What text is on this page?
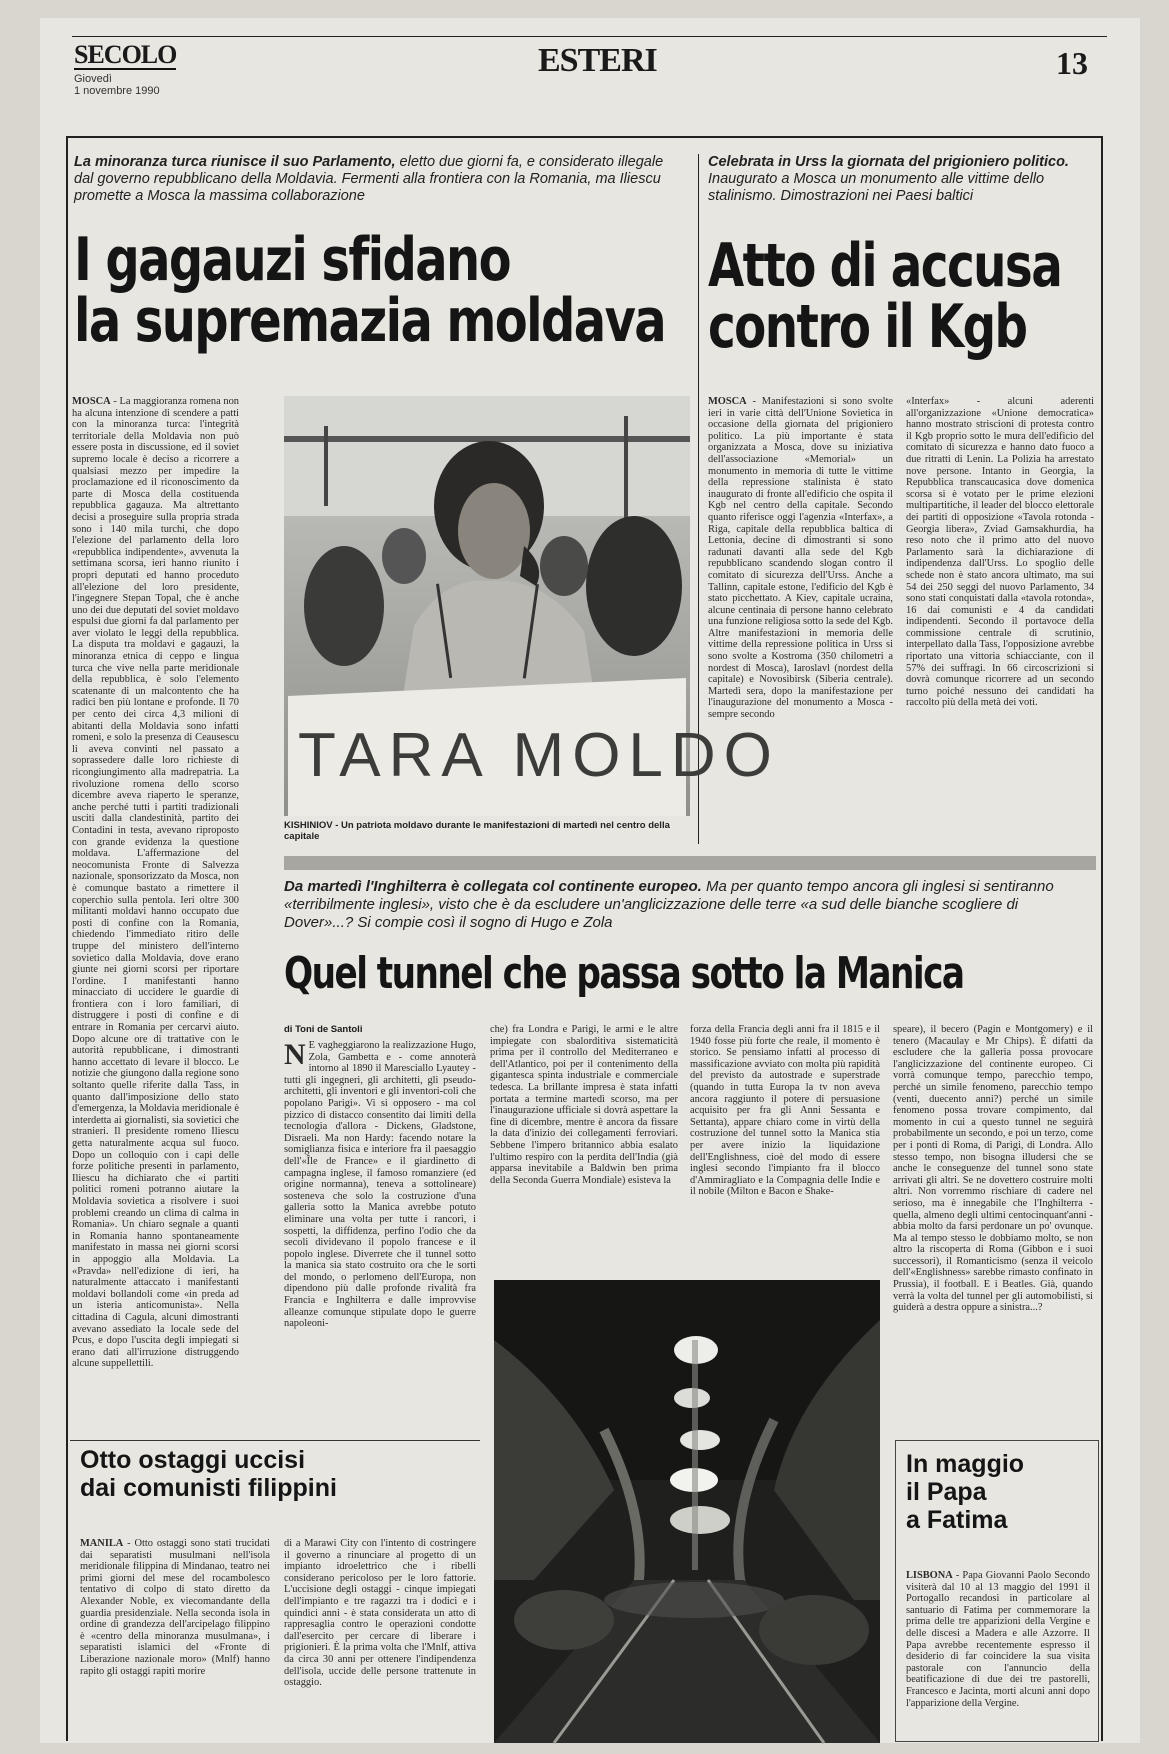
SECOLO
Giovedì
1 novembre 1990
ESTERI	13
La minoranza turca riunisce il suo Parlamento, eletto due giorni fa, e considerato illegale dal governo repubblicano della Moldavia. Fermenti alla frontiera con la Romania, ma Iliescu promette a Mosca la massima collaborazione
I gagauzi sfidano
la supremazia moldava
MOSCA - La maggioranza romena non ha alcuna intenzione di scendere a patti con la minoranza turca: l'integrità territoriale della Moldavia non può essere posta in discussione, ed il soviet supremo locale è deciso a ricorrere a qualsiasi mezzo per impedire la proclamazione ed il riconoscimento da parte di Mosca della costituenda repubblica gagauza. Ma altrettanto decisi a proseguire sulla propria strada sono i 140 mila turchi, che dopo l'elezione del parlamento della loro «repubblica indipendente», avvenuta la settimana scorsa, ieri hanno riunito i propri deputati ed hanno proceduto all'elezione del loro presidente, l'ingegnere Stepan Topal, che è anche uno dei due deputati del soviet moldavo espulsi due giorni fa dal parlamento per aver violato le leggi della repubblica. La disputa tra moldavi e gagauzi, la minoranza etnica di ceppo e lingua turca che vive nella parte meridionale della repubblica, è solo l'elemento scatenante di un malcontento che ha radici ben più lontane e profonde. Il 70 per cento dei circa 4,3 milioni di abitanti della Moldavia sono infatti romeni, e solo la presenza di Ceausescu li aveva convinti nel passato a soprassedere dalle loro richieste di ricongiungimento alla madrepatria. La rivoluzione romena dello scorso dicembre aveva riaperto le speranze, anche perché tutti i partiti tradizionali usciti dalla clandestinità, partito dei Contadini in testa, avevano riproposto con grande evidenza la questione moldava. L'affermazione del neocomunista Fronte di Salvezza nazionale, sponsorizzato da Mosca, non è comunque bastato a rimettere il coperchio sulla pentola. Ieri oltre 300 militanti moldavi hanno occupato due posti di confine con la Romania, chiedendo l'immediato ritiro delle truppe del ministero dell'interno sovietico dalla Moldavia, dove erano giunte nei giorni scorsi per riportare l'ordine. I manifestanti hanno minacciato di uccidere le guardie di frontiera con i loro familiari, di distruggere i posti di confine e di entrare in Romania per cercarvi aiuto. Dopo alcune ore di trattative con le autorità repubblicane, i dimostranti hanno accettato di levare il blocco. Le notizie che giungono dalla regione sono soltanto quelle riferite dalla Tass, in quanto dall'imposizione dello stato d'emergenza, la Moldavia meridionale è interdetta ai giornalisti, sia sovietici che stranieri. Il presidente romeno Iliescu getta naturalmente acqua sul fuoco. Dopo un colloquio con i capi delle forze politiche presenti in parlamento, Iliescu ha dichiarato che «i partiti politici romeni potranno aiutare la Moldavia sovietica a risolvere i suoi problemi creando un clima di calma in Romania». Un chiaro segnale a quanti in Romania hanno spontaneamente manifestato in massa nei giorni scorsi in appoggio alla Moldavia. La «Pravda» nell'edizione di ieri, ha naturalmente attaccato i manifestanti moldavi bollandoli come «in preda ad un isteria anticomunista». Nella cittadina di Cagula, alcuni dimostranti avevano assediato la locale sede del Pcus, e dopo l'uscita degli impiegati si erano dati all'irruzione distruggendo alcune suppellettili.
TARA MOLDO
KISHINIOV - Un patriota moldavo durante le manifestazioni di martedì nel centro della capitale
Celebrata in Urss la giornata del prigioniero politico. Inaugurato a Mosca un monumento alle vittime dello stalinismo. Dimostrazioni nei Paesi baltici
Atto di accusa
contro il Kgb
MOSCA - Manifestazioni si sono svolte ieri in varie città dell'Unione Sovietica in occasione della giornata del prigioniero politico. La più importante è stata organizzata a Mosca, dove su iniziativa dell'associazione «Memorial» un monumento in memoria di tutte le vittime della repressione stalinista è stato inaugurato di fronte all'edificio che ospita il Kgb nel centro della capitale. Secondo quanto riferisce oggi l'agenzia «Interfax», a Riga, capitale della repubblica baltica di Lettonia, decine di dimostranti si sono radunati davanti alla sede del Kgb repubblicano scandendo slogan contro il comitato di sicurezza dell'Urss. Anche a Tallinn, capitale estone, l'edificio del Kgb è stato picchettato. A Kiev, capitale ucraina, alcune centinaia di persone hanno celebrato una funzione religiosa sotto la sede del Kgb. Altre manifestazioni in memoria delle vittime della repressione politica in Urss si sono svolte a Kostroma (350 chilometri a nordest di Mosca), Iaroslavl (nordest della capitale) e Novosibirsk (Siberia centrale). Martedì sera, dopo la manifestazione per l'inaugurazione del monumento a Mosca - sempre secondo
«Interfax» - alcuni aderenti all'organizzazione «Unione democratica» hanno mostrato striscioni di protesta contro il Kgb proprio sotto le mura dell'edificio del comitato di sicurezza e hanno dato fuoco a due ritratti di Lenin. La Polizia ha arrestato nove persone. Intanto in Georgia, la Repubblica transcaucasica dove domenica scorsa si è votato per le prime elezioni multipartitiche, il leader del blocco elettorale dei partiti di opposizione «Tavola rotonda - Georgia libera», Zviad Gamsakhurdia, ha reso noto che il primo atto del nuovo Parlamento sarà la dichiarazione di indipendenza dall'Urss. Lo spoglio delle schede non è stato ancora ultimato, ma sui 54 dei 250 seggi del nuovo Parlamento, 34 sono stati conquistati dalla «tavola rotonda», 16 dai comunisti e 4 da candidati indipendenti. Secondo il portavoce della commissione centrale di scrutinio, interpellato dalla Tass, l'opposizione avrebbe riportato una vittoria schiacciante, con il 57% dei suffragi. In 66 circoscrizioni si dovrà comunque ricorrere ad un secondo turno poiché nessuno dei candidati ha raccolto più della metà dei voti.
Da martedì l'Inghilterra è collegata col continente europeo. Ma per quanto tempo ancora gli inglesi si sentiranno «terribilmente inglesi», visto che è da escludere un'anglicizzazione delle terre «a sud delle bianche scogliere di Dover»...? Si compie così il sogno di Hugo e Zola
Quel tunnel che passa sotto la Manica
di Toni de Santoli
N E vagheggiarono la realizzazione Hugo, Zola, Gambetta e - come annoterà intorno al 1890 il Maresciallo Lyautey - tutti gli ingegneri, gli architetti, gli pseudo-architetti, gli inventori e gli inventori-coli che popolano Parigi». Vi si opposero - ma col pizzico di distacco consentito dai limiti della tecnologia d'allora - Dickens, Gladstone, Disraeli. Ma non Hardy: facendo notare la somiglianza fisica e interiore fra il paesaggio dell'«Île de France» e il giardinetto di campagna inglese, il famoso romanziere (ed origine normanna), teneva a sottolineare) sosteneva che solo la costruzione d'una galleria sotto la Manica avrebbe potuto eliminare una volta per tutte i rancori, i sospetti, la diffidenza, perfino l'odio che da secoli dividevano il popolo francese e il popolo inglese. Diverrete che il tunnel sotto la manica sia stato costruito ora che le sorti del mondo, o perlomeno dell'Europa, non dipendono più dalle profonde rivalità fra Francia e Inghilterra e dalle improvvise alleanze comunque stipulate dopo le guerre napoleoni-
che) fra Londra e Parigi, le armi e le altre impiegate con sbalorditiva sistematicità prima per il controllo del Mediterraneo e dell'Atlantico, poi per il contenimento della gigantesca spinta industriale e commerciale tedesca. La brillante impresa è stata infatti portata a termine martedì scorso, ma per l'inaugurazione ufficiale si dovrà aspettare la fine di dicembre, mentre è ancora da fissare la data d'inizio dei collegamenti ferroviari. Sebbene l'impero britannico abbia esalato l'ultimo respiro con la perdita dell'India (già apparsa inevitabile a Baldwin ben prima della Seconda Guerra Mondiale) esisteva la
forza della Francia degli anni fra il 1815 e il 1940 fosse più forte che reale, il momento è storico. Se pensiamo infatti al processo di massificazione avviato con molta più rapidità del previsto da autostrade e superstrade (quando in tutta Europa la tv non aveva ancora raggiunto il potere di persuasione acquisito per fra gli Anni Sessanta e Settanta), appare chiaro come in virtù della costruzione del tunnel sotto la Manica stia per avere inizio la liquidazione dell'Englishness, cioè del modo di essere inglesi secondo l'impianto fra il blocco d'Ammiragliato e la Compagnia delle Indie e il nobile (Milton e Bacon e Shake-
speare), il becero (Pagin e Montgomery) e il tenero (Macaulay e Mr Chips). È difatti da escludere che la galleria possa provocare l'anglicizzazione del continente europeo. Ci vorrà comunque tempo, parecchio tempo, perché un simile fenomeno, parecchio tempo (venti, duecento anni?) perché un simile fenomeno possa trovare compimento, dal momento in cui a questo tunnel ne seguirà probabilmente un secondo, e poi un terzo, come per i ponti di Roma, di Parigi, di Londra. Allo stesso tempo, non bisogna illudersi che se anche le conseguenze del tunnel sono state arrivati gli altri. Se ne dovettero costruire molti altri. Non vorremmo rischiare di cadere nel serioso, ma è innegabile che l'Inghilterra - quella, almeno degli ultimi centocinquant'anni - abbia molto da farsi perdonare un po' ovunque. Ma al tempo stesso le dobbiamo molto, se non altro la riscoperta di Roma (Gibbon e i suoi successori), il Romanticismo (senza il veicolo dell'«Englishness» sarebbe rimasto confinato in Prussia), il football. E i Beatles. Già, quando verrà la volta del tunnel per gli automobilisti, si guiderà a destra oppure a sinistra...?
Otto ostaggi uccisi
dai comunisti filippini
MANILA - Otto ostaggi sono stati trucidati dai separatisti musulmani nell'isola meridionale filippina di Mindanao, teatro nei primi giorni del mese del rocambolesco tentativo di colpo di stato diretto da Alexander Noble, ex viecomandante della guardia presidenziale. Nella seconda isola in ordine di grandezza dell'arcipelago filippino è «centro della minoranza musulmana», i separatisti islamici del «Fronte di Liberazione nazionale moro» (Mnlf) hanno rapito gli ostaggi rapiti morire
di a Marawi City con l'intento di costringere il governo a rinunciare al progetto di un impianto idroelettrico che i ribelli considerano pericoloso per le loro fattorie. L'uccisione degli ostaggi - cinque impiegati dell'impianto e tre ragazzi tra i dodici e i quindici anni - è stata considerata un atto di rappresaglia contro le operazioni condotte dall'esercito per cercare di liberare i prigionieri. È la prima volta che l'Mnlf, attiva da circa 30 anni per ottenere l'indipendenza dell'isola, uccide delle persone trattenute in ostaggio.
In maggio
il Papa
a Fatima
LISBONA - Papa Giovanni Paolo Secondo visiterà dal 10 al 13 maggio del 1991 il Portogallo recandosi in particolare al santuario di Fatima per commemorare la prima delle tre apparizioni della Vergine e delle discesi a Madera e alle Azzorre. Il Papa avrebbe recentemente espresso il desiderio di far coincidere la sua visita pastorale con l'annuncio della beatificazione di due dei tre pastorelli, Francesco e Jacinta, morti alcuni anni dopo l'apparizione della Vergine.
